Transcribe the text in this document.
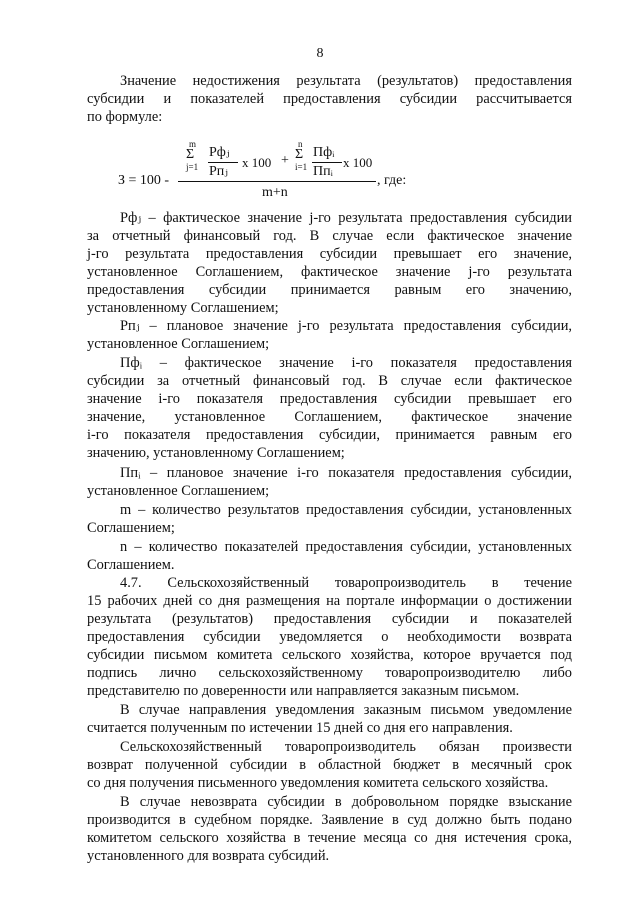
8
З = 100 -
m
Σ
j=1
Рфⱼ
Рпⱼ
x 100 +
n
Σ
i=1
Пфᵢ
Ппᵢ
x 100
m+n
, где:
Значение недостижения результата (результатов) предоставления
субсидии и показателей предоставления субсидии рассчитывается
по формуле:
Рфⱼ – фактическое значение j-го результата предоставления субсидии
за отчетный финансовый год. В случае если фактическое значение
j-го результата предоставления субсидии превышает его значение,
установленное Соглашением, фактическое значение j-го результата
предоставления субсидии принимается равным его значению,
установленному Соглашением;
Рпⱼ – плановое значение j-го результата предоставления субсидии,
установленное Соглашением;
Пфᵢ – фактическое значение i-го показателя предоставления
субсидии за отчетный финансовый год. В случае если фактическое
значение i-го показателя предоставления субсидии превышает его
значение, установленное Соглашением, фактическое значение
i-го показателя предоставления субсидии, принимается равным его
значению, установленному Соглашением;
Ппᵢ – плановое значение i-го показателя предоставления субсидии,
установленное Соглашением;
m – количество результатов предоставления субсидии, установленных
Соглашением;
n – количество показателей предоставления субсидии, установленных
Соглашением.
4.7. Сельскохозяйственный товаропроизводитель в течение
15 рабочих дней со дня размещения на портале информации о достижении
результата (результатов) предоставления субсидии и показателей
предоставления субсидии уведомляется о необходимости возврата
субсидии письмом комитета сельского хозяйства, которое вручается под
подпись лично сельскохозяйственному товаропроизводителю либо
представителю по доверенности или направляется заказным письмом.
В случае направления уведомления заказным письмом уведомление
считается полученным по истечении 15 дней со дня его направления.
Сельскохозяйственный товаропроизводитель обязан произвести
возврат полученной субсидии в областной бюджет в месячный срок
со дня получения письменного уведомления комитета сельского хозяйства.
В случае невозврата субсидии в добровольном порядке взыскание
производится в судебном порядке. Заявление в суд должно быть подано
комитетом сельского хозяйства в течение месяца со дня истечения срока,
установленного для возврата субсидий.
